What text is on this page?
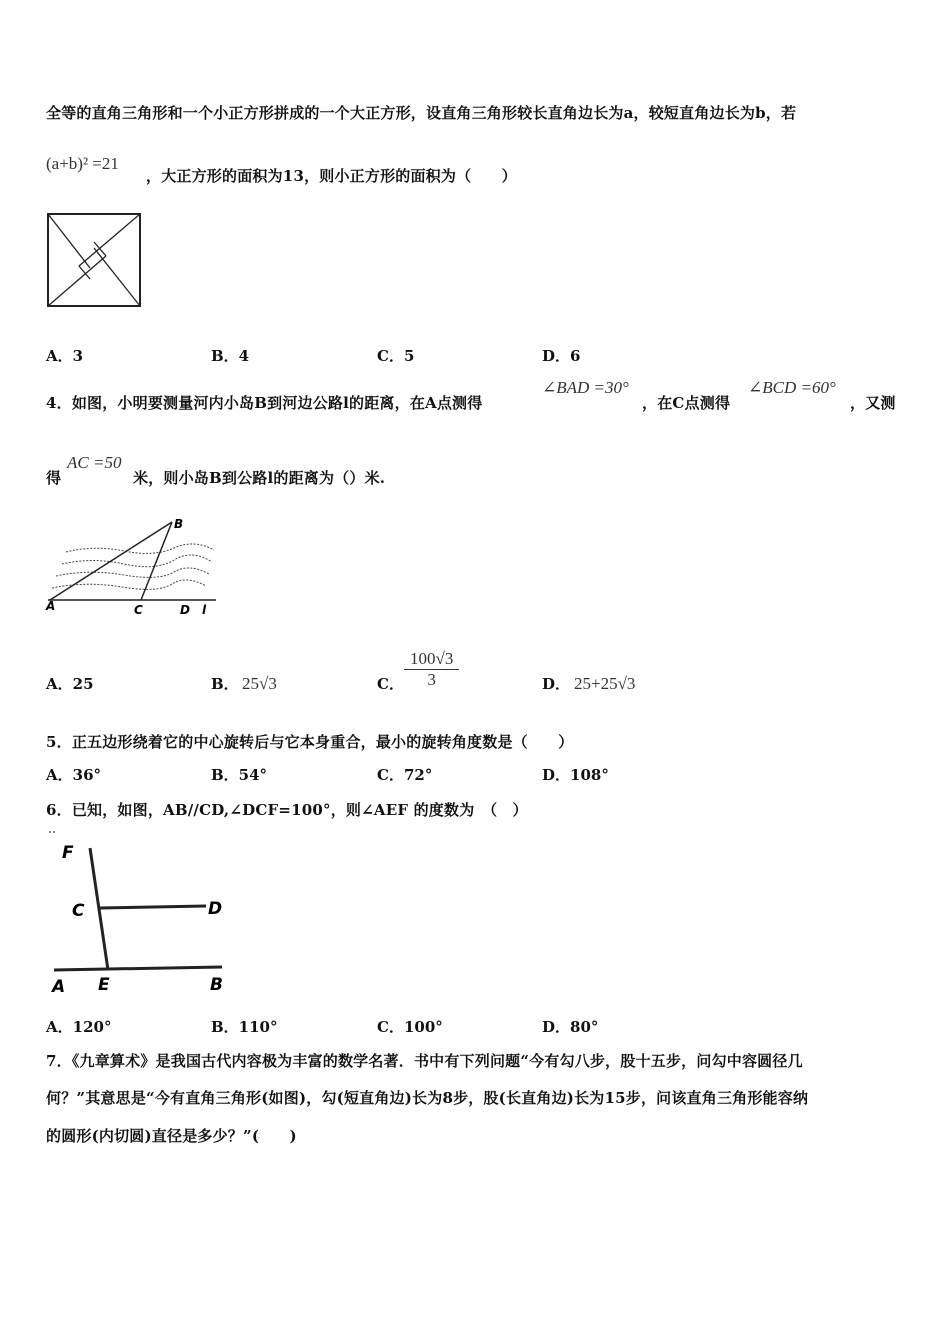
全等的直角三角形和一个小正方形拼成的一个大正方形，设直角三角形较长直角边长为a，较短直角边长为b，若
(a+b)² =21
，大正方形的面积为13，则小正方形的面积为（　　）
A．3	B．4	C．5	D．6
4．如图，小明要测量河内小岛B到河边公路l的距离，在A点测得
∠BAD =30°
，在C点测得
∠BCD =60°
，又测
得
AC =50
米，则小岛B到公路l的距离为（）米.
B
A	C	D l
A．25	B． 25√3	C． $\frac{100√3}{3}$	D． 25+25√3
5．正五边形绕着它的中心旋转后与它本身重合，最小的旋转角度数是（　　）
A．36°	B．54°	C．72°	D．108°
6．已知，如图，AB//CD,∠DCF=100°，则∠AEF 的度数为　（　）
F
C	D
A E	B
A．120°	B．110°	C．100°	D．80°
7．《九章算术》是我国古代内容极为丰富的数学名著．书中有下列问题“今有勾八步，股十五步，问勾中容圆径几
何？”其意思是“今有直角三角形(如图)，勾(短直角边)长为8步，股(长直角边)长为15步，问该直角三角形能容纳
的圆形(内切圆)直径是多少？”(　　)
